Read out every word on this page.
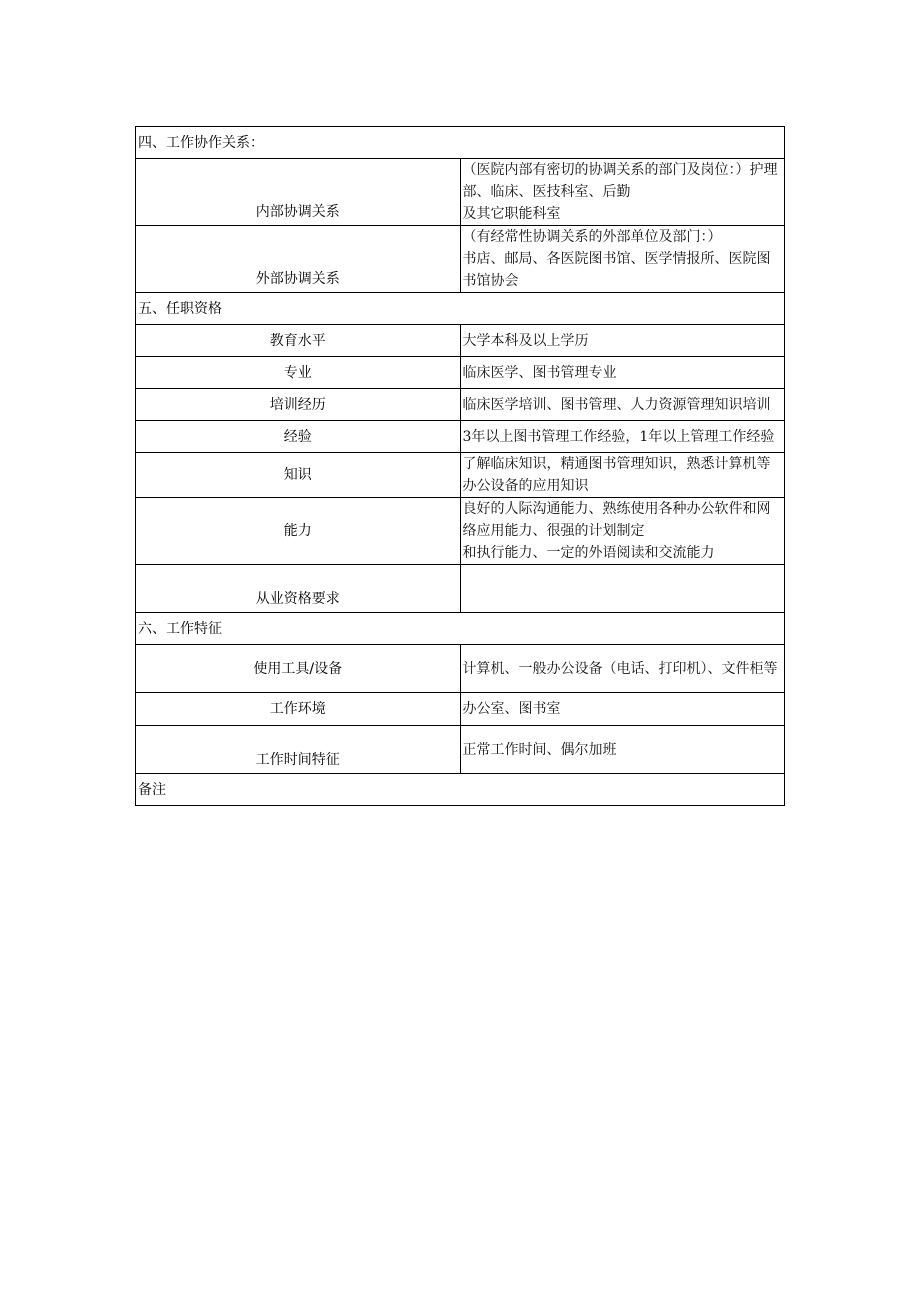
四、工作协作关系：	
内部协调关系	（医院内部有密切的协调关系的部门及岗位：）护理部、临床、医技科室、后勤
及其它职能科室

外部协调关系	（有经常性协调关系的外部单位及部门：）
书店、邮局、各医院图书馆、医学情报所、医院图书馆协会

五、任职资格	
教育水平	大学本科及以上学历
专业	临床医学、图书管理专业
培训经历	临床医学培训、图书管理、人力资源管理知识培训
经验	3年以上图书管理工作经验，1年以上管理工作经验
知识	了解临床知识，精通图书管理知识，熟悉计算机等办公设备的应用知识
能力	良好的人际沟通能力、熟练使用各种办公软件和网络应用能力、很强的计划制定
和执行能力、一定的外语阅读和交流能力

从业资格要求	
六、工作特征	
使用工具/设备	计算机、一般办公设备（电话、打印机）、文件柜等
工作环境	办公室、图书室
工作时间特征	正常工作时间、偶尔加班
备注	
